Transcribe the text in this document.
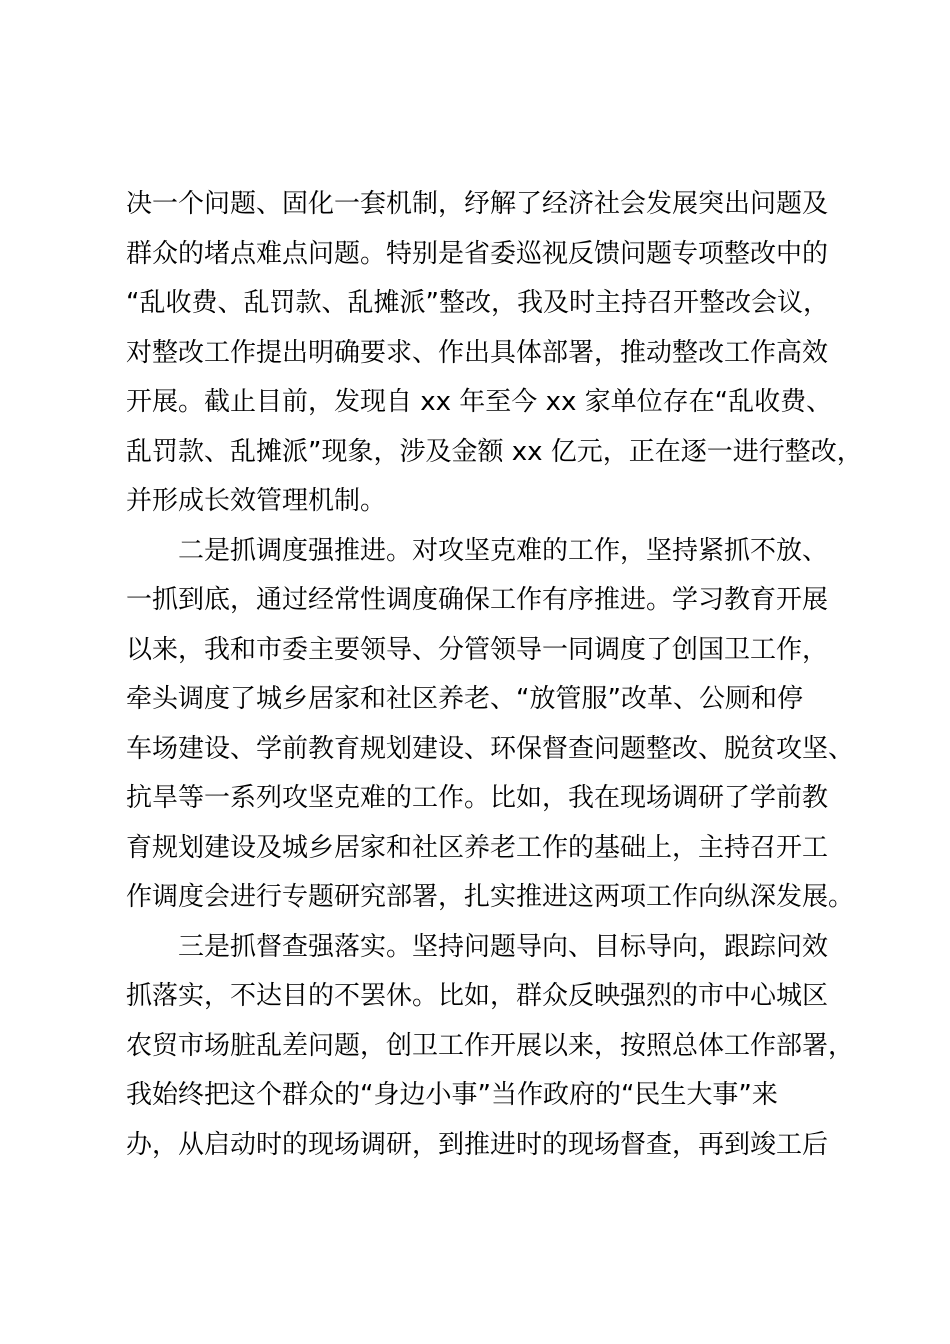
决一个问题、固化一套机制，纾解了经济社会发展突出问题及
群众的堵点难点问题。特别是省委巡视反馈问题专项整改中的
“乱收费、乱罚款、乱摊派”整改，我及时主持召开整改会议，
对整改工作提出明确要求、作出具体部署，推动整改工作高效
开展。截止目前，发现自 xx 年至今 xx 家单位存在“乱收费、
乱罚款、乱摊派”现象，涉及金额 xx 亿元，正在逐一进行整改，
并形成长效管理机制。
二是抓调度强推进。对攻坚克难的工作，坚持紧抓不放、
一抓到底，通过经常性调度确保工作有序推进。学习教育开展
以来，我和市委主要领导、分管领导一同调度了创国卫工作，
牵头调度了城乡居家和社区养老、“放管服”改革、公厕和停
车场建设、学前教育规划建设、环保督查问题整改、脱贫攻坚、
抗旱等一系列攻坚克难的工作。比如，我在现场调研了学前教
育规划建设及城乡居家和社区养老工作的基础上，主持召开工
作调度会进行专题研究部署，扎实推进这两项工作向纵深发展。
三是抓督查强落实。坚持问题导向、目标导向，跟踪问效
抓落实，不达目的不罢休。比如，群众反映强烈的市中心城区
农贸市场脏乱差问题，创卫工作开展以来，按照总体工作部署，
我始终把这个群众的“身边小事”当作政府的“民生大事”来
办，从启动时的现场调研，到推进时的现场督查，再到竣工后
